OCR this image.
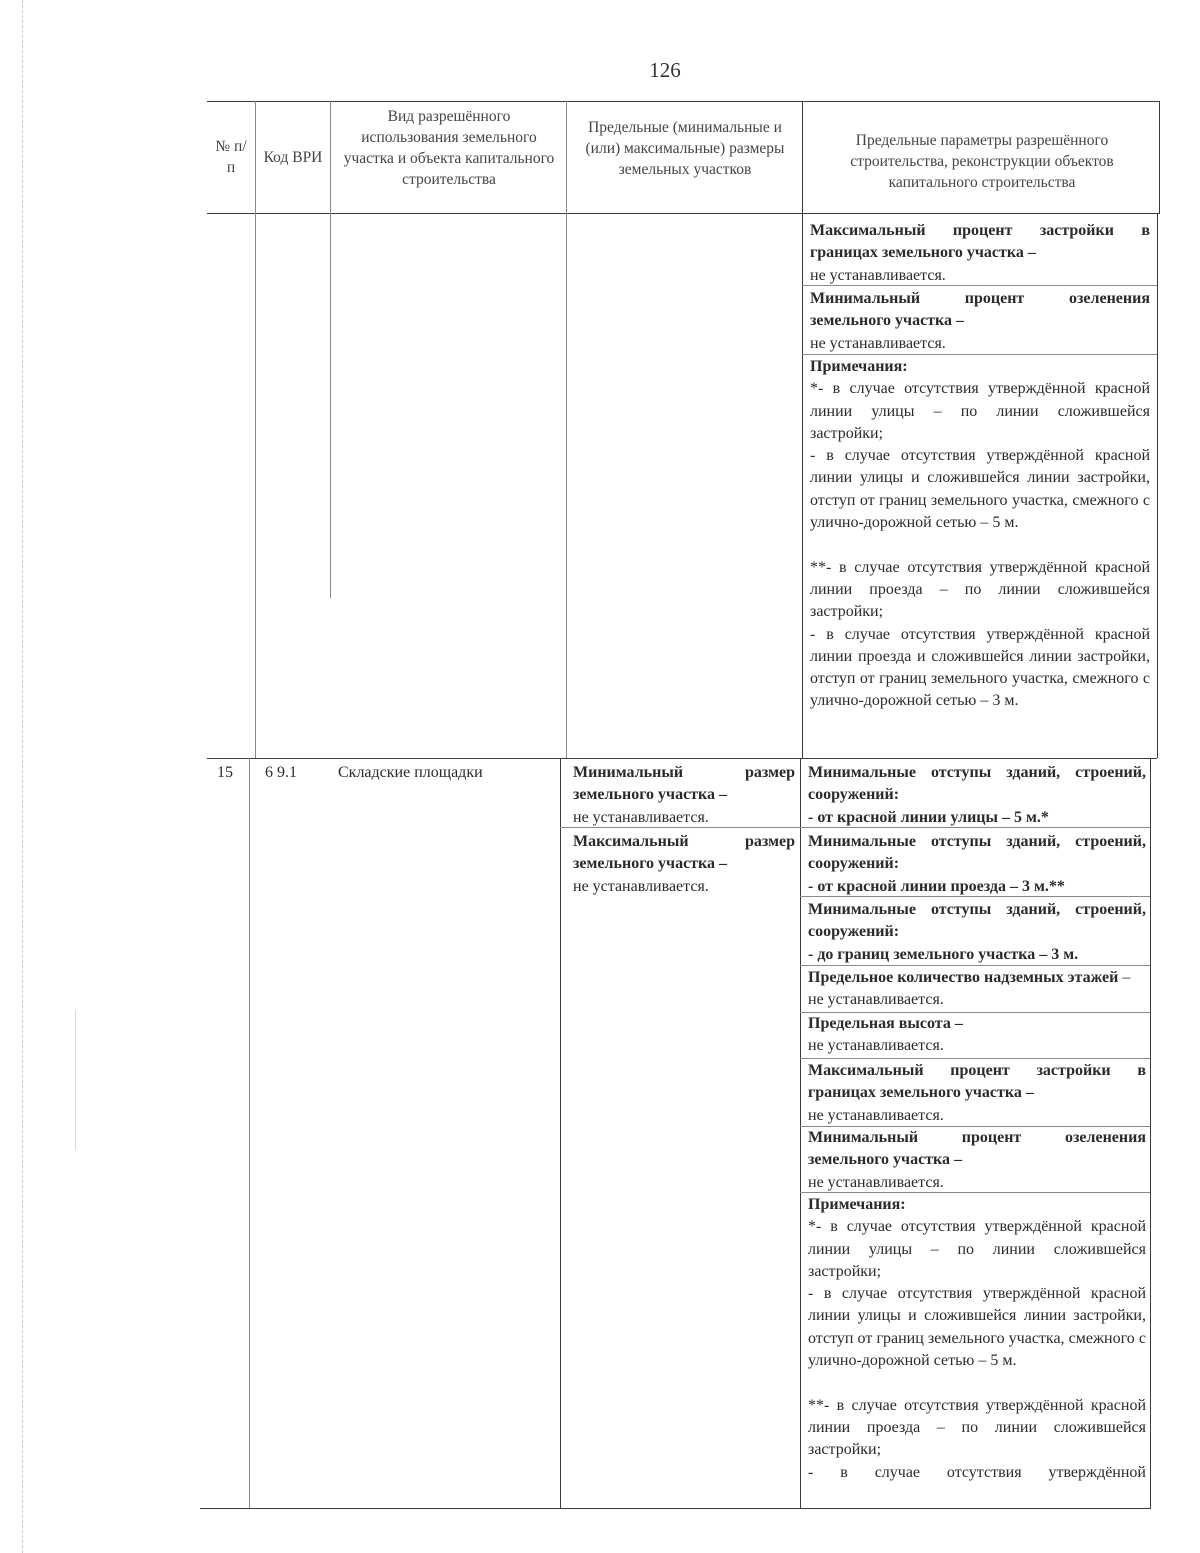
126
№ п/п
Код ВРИ
Вид разрешённого использования земельного участка и объекта капитального строительства
Предельные (минимальные и (или) максимальные) размеры земельных участков
Предельные параметры разрешённого строительства, реконструкции объектов капитального строительства

Максимальный процент застройки в границах земельного участка –

не устанавливается.

Минимальный процент озеленения земельного участка –

не устанавливается.

Примечания:

*- в случае отсутствия утверждённой красной линии улицы – по линии сложившейся застройки;

- в случае отсутствия утверждённой красной линии улицы и сложившейся линии застройки, отступ от границ земельного участка, смежного с улично-дорожной сетью – 5 м.

**- в случае отсутствия утверждённой красной линии проезда – по линии сложившейся застройки;

- в случае отсутствия утверждённой красной линии проезда и сложившейся линии застройки, отступ от границ земельного участка, смежного с улично-дорожной сетью – 3 м.

15 6 9.1	Складские площадки	Минимальный размер земельного участка –

не устанавливается.

Максимальный размер земельного участка –

не устанавливается.

Минимальные отступы зданий, строений, сооружений:

- от красной линии улицы – 5 м.*

Минимальные отступы зданий, строений, сооружений:

- от красной линии проезда – 3 м.**

Минимальные отступы зданий, строений, сооружений:

- до границ земельного участка – 3 м.

Предельное количество надземных этажей – не устанавливается.

Предельная высота –

не устанавливается.

Максимальный процент застройки в границах земельного участка –

не устанавливается.

Минимальный процент озеленения земельного участка –

не устанавливается.

Примечания:

*- в случае отсутствия утверждённой красной линии улицы – по линии сложившейся застройки;

- в случае отсутствия утверждённой красной линии улицы и сложившейся линии застройки, отступ от границ земельного участка, смежного с улично-дорожной сетью – 5 м.

**- в случае отсутствия утверждённой красной линии проезда – по линии сложившейся застройки;

- в случае отсутствия утверждённой
